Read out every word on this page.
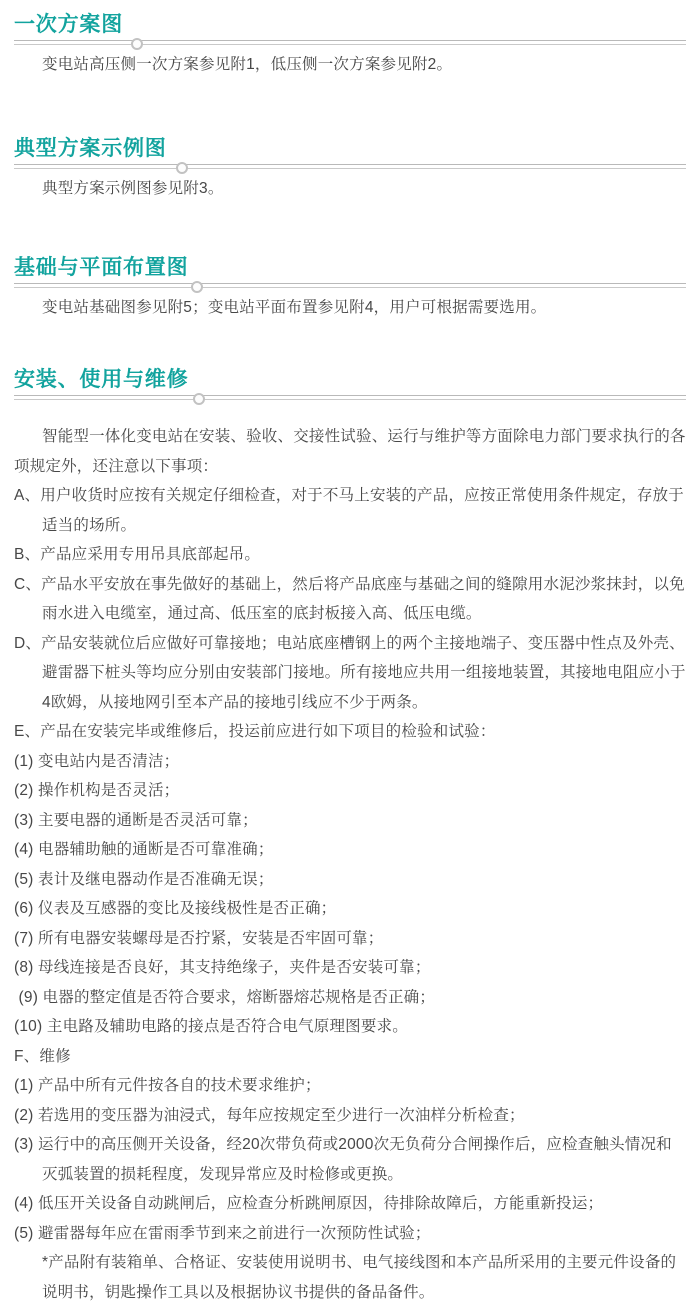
一次方案图
变电站高压侧一次方案参见附1，低压侧一次方案参见附2。
典型方案示例图
典型方案示例图参见附3。
基础与平面布置图
变电站基础图参见附5；变电站平面布置参见附4，用户可根据需要选用。
安装、使用与维修
智能型一体化变电站在安装、验收、交接性试验、运行与维护等方面除电力部门要求执行的各
项规定外，还注意以下事项：
A、用户收货时应按有关规定仔细检查，对于不马上安装的产品，应按正常使用条件规定，存放于
适当的场所。
B、产品应采用专用吊具底部起吊。
C、产品水平安放在事先做好的基础上，然后将产品底座与基础之间的缝隙用水泥沙浆抹封，以免
雨水进入电缆室，通过高、低压室的底封板接入高、低压电缆。
D、产品安装就位后应做好可靠接地；电站底座槽钢上的两个主接地端子、变压器中性点及外壳、
避雷器下桩头等均应分别由安装部门接地。所有接地应共用一组接地装置，其接地电阻应小于
4欧姆，从接地网引至本产品的接地引线应不少于两条。
E、产品在安装完毕或维修后，投运前应进行如下项目的检验和试验：
(1) 变电站内是否清洁；
(2) 操作机构是否灵活；
(3) 主要电器的通断是否灵活可靠；
(4) 电器辅助触的通断是否可靠准确；
(5) 表计及继电器动作是否准确无误；
(6) 仪表及互感器的变比及接线极性是否正确；
(7) 所有电器安装螺母是否拧紧，安装是否牢固可靠；
(8) 母线连接是否良好，其支持绝缘子，夹件是否安装可靠；
(9) 电器的整定值是否符合要求，熔断器熔芯规格是否正确；
(10) 主电路及辅助电路的接点是否符合电气原理图要求。
F、维修
(1) 产品中所有元件按各自的技术要求维护；
(2) 若选用的变压器为油浸式，每年应按规定至少进行一次油样分析检查；
(3) 运行中的高压侧开关设备，经20次带负荷或2000次无负荷分合闸操作后，应检查触头情况和
灭弧装置的损耗程度，发现异常应及时检修或更换。
(4) 低压开关设备自动跳闸后，应检查分析跳闸原因，待排除故障后，方能重新投运；
(5) 避雷器每年应在雷雨季节到来之前进行一次预防性试验；
*产品附有装箱单、合格证、安装使用说明书、电气接线图和本产品所采用的主要元件设备的
说明书，钥匙操作工具以及根据协议书提供的备品备件。
